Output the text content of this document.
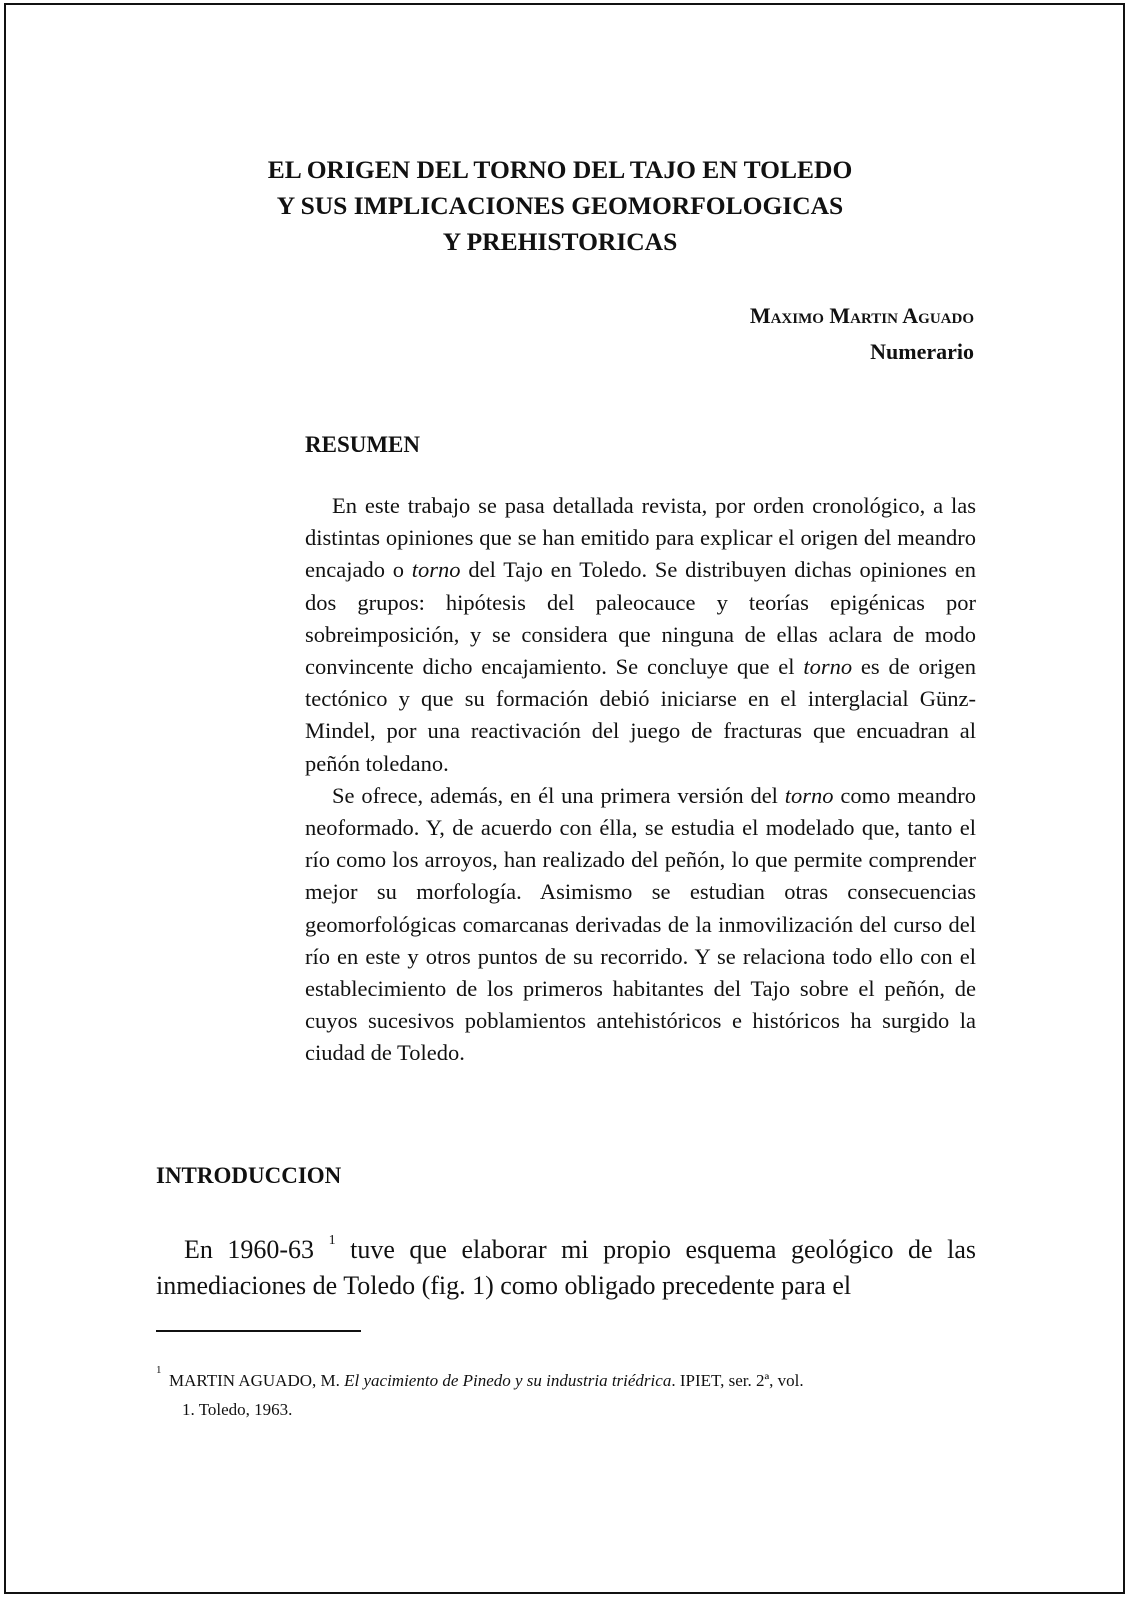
EL ORIGEN DEL TORNO DEL TAJO EN TOLEDO
Y SUS IMPLICACIONES GEOMORFOLOGICAS
Y PREHISTORICAS
Maximo Martin Aguado
Numerario
RESUMEN

En este trabajo se pasa detallada revista, por orden cronológico, a las distintas opiniones que se han emitido para explicar el origen del meandro encajado o torno del Tajo en Toledo. Se distribuyen dichas opiniones en dos grupos: hipótesis del paleocauce y teorías epigénicas por sobreimposición, y se considera que ninguna de ellas aclara de modo convincente dicho encajamiento. Se concluye que el torno es de origen tectónico y que su formación debió iniciarse en el interglacial Günz-Mindel, por una reactivación del juego de fracturas que encuadran al peñón toledano.

Se ofrece, además, en él una primera versión del torno como meandro neoformado. Y, de acuerdo con élla, se estudia el modelado que, tanto el río como los arroyos, han realizado del peñón, lo que permite comprender mejor su morfología. Asimismo se estudian otras consecuencias geomorfológicas comarcanas derivadas de la inmovilización del curso del río en este y otros puntos de su recorrido. Y se relaciona todo ello con el establecimiento de los primeros habitantes del Tajo sobre el peñón, de cuyos sucesivos poblamientos antehistóricos e históricos ha surgido la ciudad de Toledo.

INTRODUCCION

En 1960-63 $^1$ tuve que elaborar mi propio esquema geológico de las inmediaciones de Toledo (fig. 1) como obligado precedente para el

1
MARTIN AGUADO, M. El yacimiento de Pinedo y su industria triédrica. IPIET, ser. 2ª, vol.
1. Toledo, 1963.
